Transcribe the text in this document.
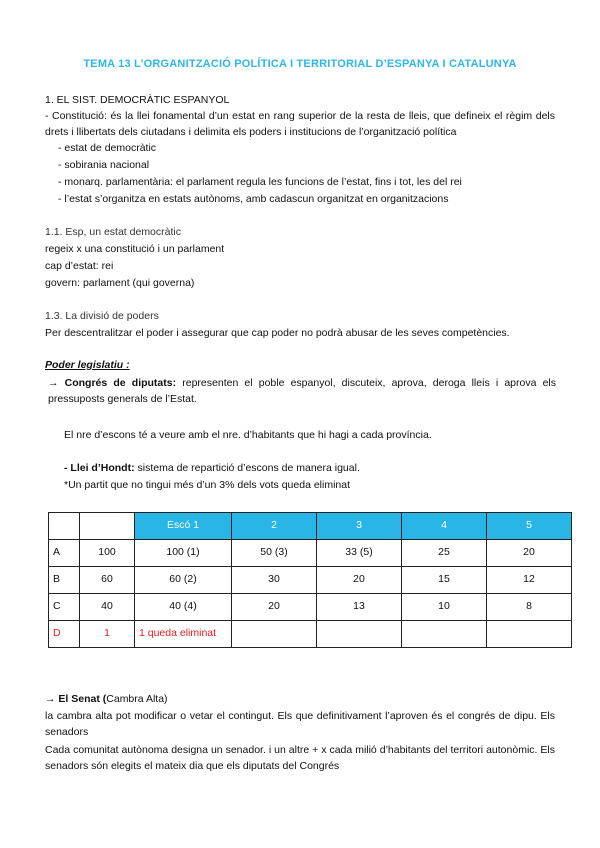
TEMA 13 L’ORGANITZACIÓ POLÍTICA I TERRITORIAL D’ESPANYA I CATALUNYA
1. EL SIST. DEMOCRÀTIC ESPANYOL
- Constitució: és la llei fonamental d’un estat en rang superior de la resta de lleis, que defineix el règim dels drets i llibertats dels ciutadans i delimita els poders i institucions de l’organització política
- estat de democràtic
- sobirania nacional
- monarq. parlamentària: el parlament regula les funcions de l’estat, fins i tot, les del rei
- l’estat s’organitza en estats autònoms, amb cadascun organitzat en organitzacions
1.1. Esp, un estat democràtic
regeix x una constitució i un parlament
cap d’estat: rei
govern: parlament (qui governa)
1.3. La divisió de poders
Per descentralitzar el poder i assegurar que cap poder no podrà abusar de les seves competències.
Poder legislatiu :
→ Congrés de diputats: representen el poble espanyol, discuteix, aprova, deroga lleis i aprova els pressuposts generals de l’Estat.
El nre d’escons té a veure amb el nre. d’habitants que hi hagi a cada província.
- Llei d’Hondt: sistema de repartició d’escons de manera igual.
*Un partit que no tingui més d’un 3% dels vots queda eliminat
		Escó 1	2	3	4	5
A	100	100 (1)	50 (3)	33 (5)	25	20
B	60	60 (2)	30	20	15	12
C	40	40 (4)	20	13	10	8
D	1	1 queda eliminat				
→ El Senat (Cambra Alta)
la cambra alta pot modificar o vetar el contingut. Els que definitivament l’aproven és el congrés de dipu. Els senadors
Cada comunitat autònoma designa un senador. i un altre + x cada milió d’habitants del territori autonòmic. Els senadors són elegits el mateix dia que els diputats del Congrés
